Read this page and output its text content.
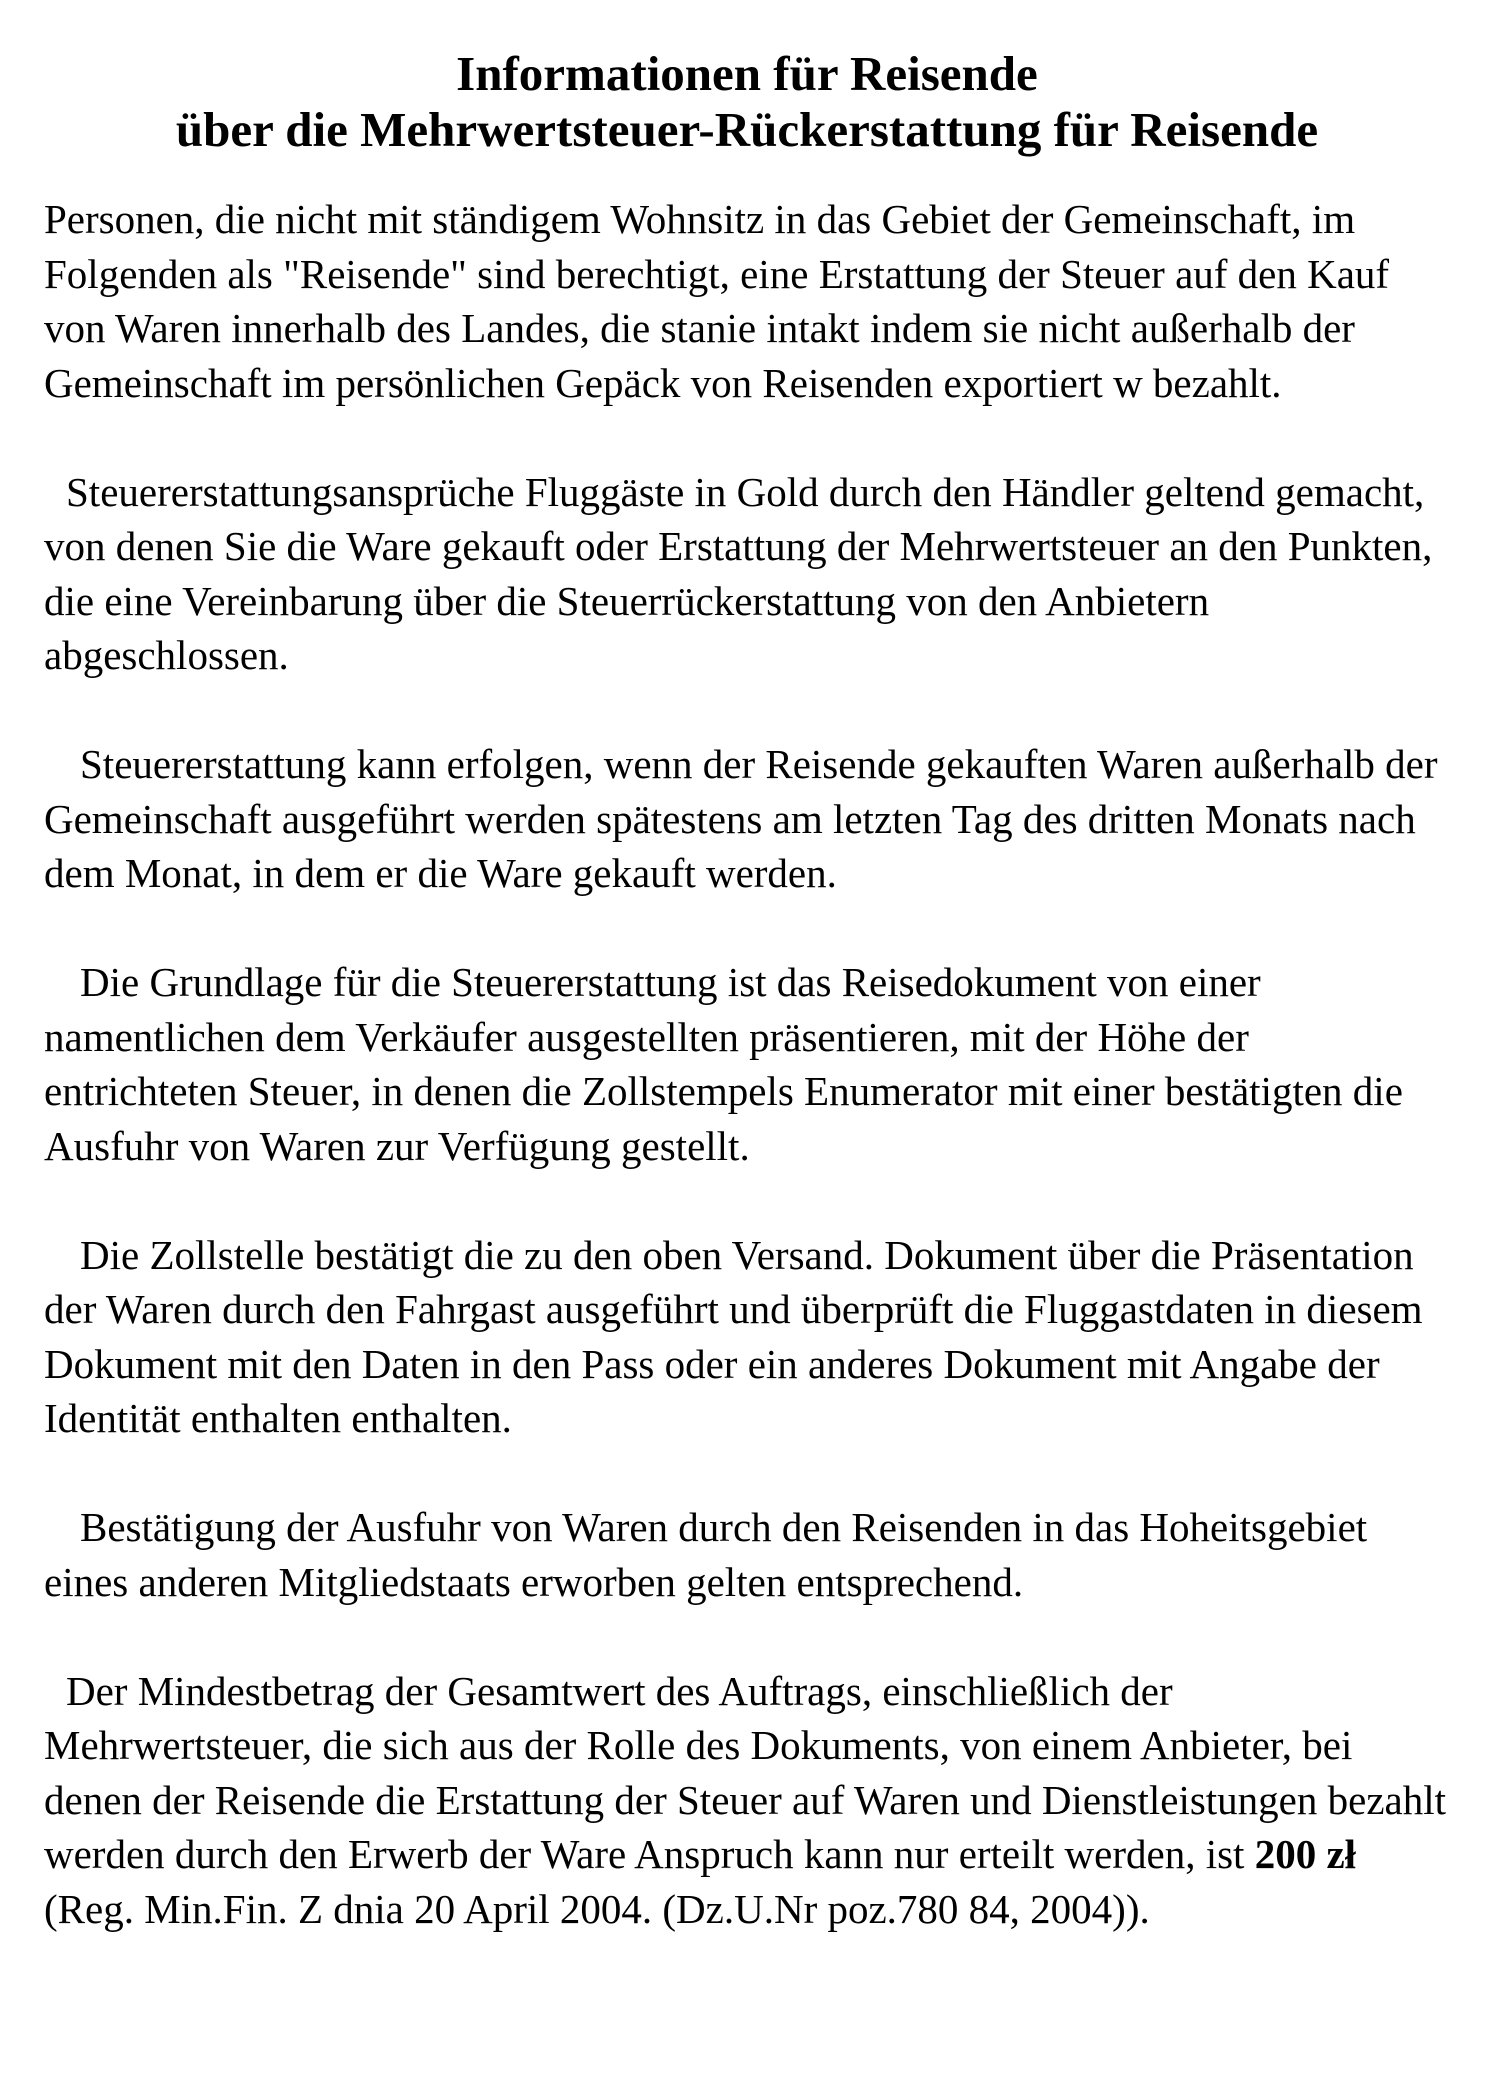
Informationen für Reisende
über die Mehrwertsteuer-Rückerstattung für Reisende

Personen, die nicht mit ständigem Wohnsitz in das Gebiet der Gemeinschaft, im Folgenden als "Reisende" sind berechtigt, eine Erstattung der Steuer auf den Kauf von Waren innerhalb des Landes, die stanie intakt indem sie nicht außerhalb der Gemeinschaft im persönlichen Gepäck von Reisenden exportiert w bezahlt.

Steuererstattungsansprüche Fluggäste in Gold durch den Händler geltend gemacht, von denen Sie die Ware gekauft oder Erstattung der Mehrwertsteuer an den Punkten, die eine Vereinbarung über die Steuerrückerstattung von den Anbietern abgeschlossen.

Steuererstattung kann erfolgen, wenn der Reisende gekauften Waren außerhalb der Gemeinschaft ausgeführt werden spätestens am letzten Tag des dritten Monats nach dem Monat, in dem er die Ware gekauft werden.

Die Grundlage für die Steuererstattung ist das Reisedokument von einer namentlichen dem Verkäufer ausgestellten präsentieren, mit der Höhe der entrichteten Steuer, in denen die Zollstempels Enumerator mit einer bestätigten die Ausfuhr von Waren zur Verfügung gestellt.

Die Zollstelle bestätigt die zu den oben Versand. Dokument über die Präsentation der Waren durch den Fahrgast ausgeführt und überprüft die Fluggastdaten in diesem Dokument mit den Daten in den Pass oder ein anderes Dokument mit Angabe der Identität enthalten enthalten.

Bestätigung der Ausfuhr von Waren durch den Reisenden in das Hoheitsgebiet eines anderen Mitgliedstaats erworben gelten entsprechend.

Der Mindestbetrag der Gesamtwert des Auftrags, einschließlich der Mehrwertsteuer, die sich aus der Rolle des Dokuments, von einem Anbieter, bei denen der Reisende die Erstattung der Steuer auf Waren und Dienstleistungen bezahlt werden durch den Erwerb der Ware Anspruch kann nur erteilt werden, ist 200 zł (Reg. Min.Fin. Z dnia 20 April 2004. (Dz.U.Nr poz.780 84, 2004)).
